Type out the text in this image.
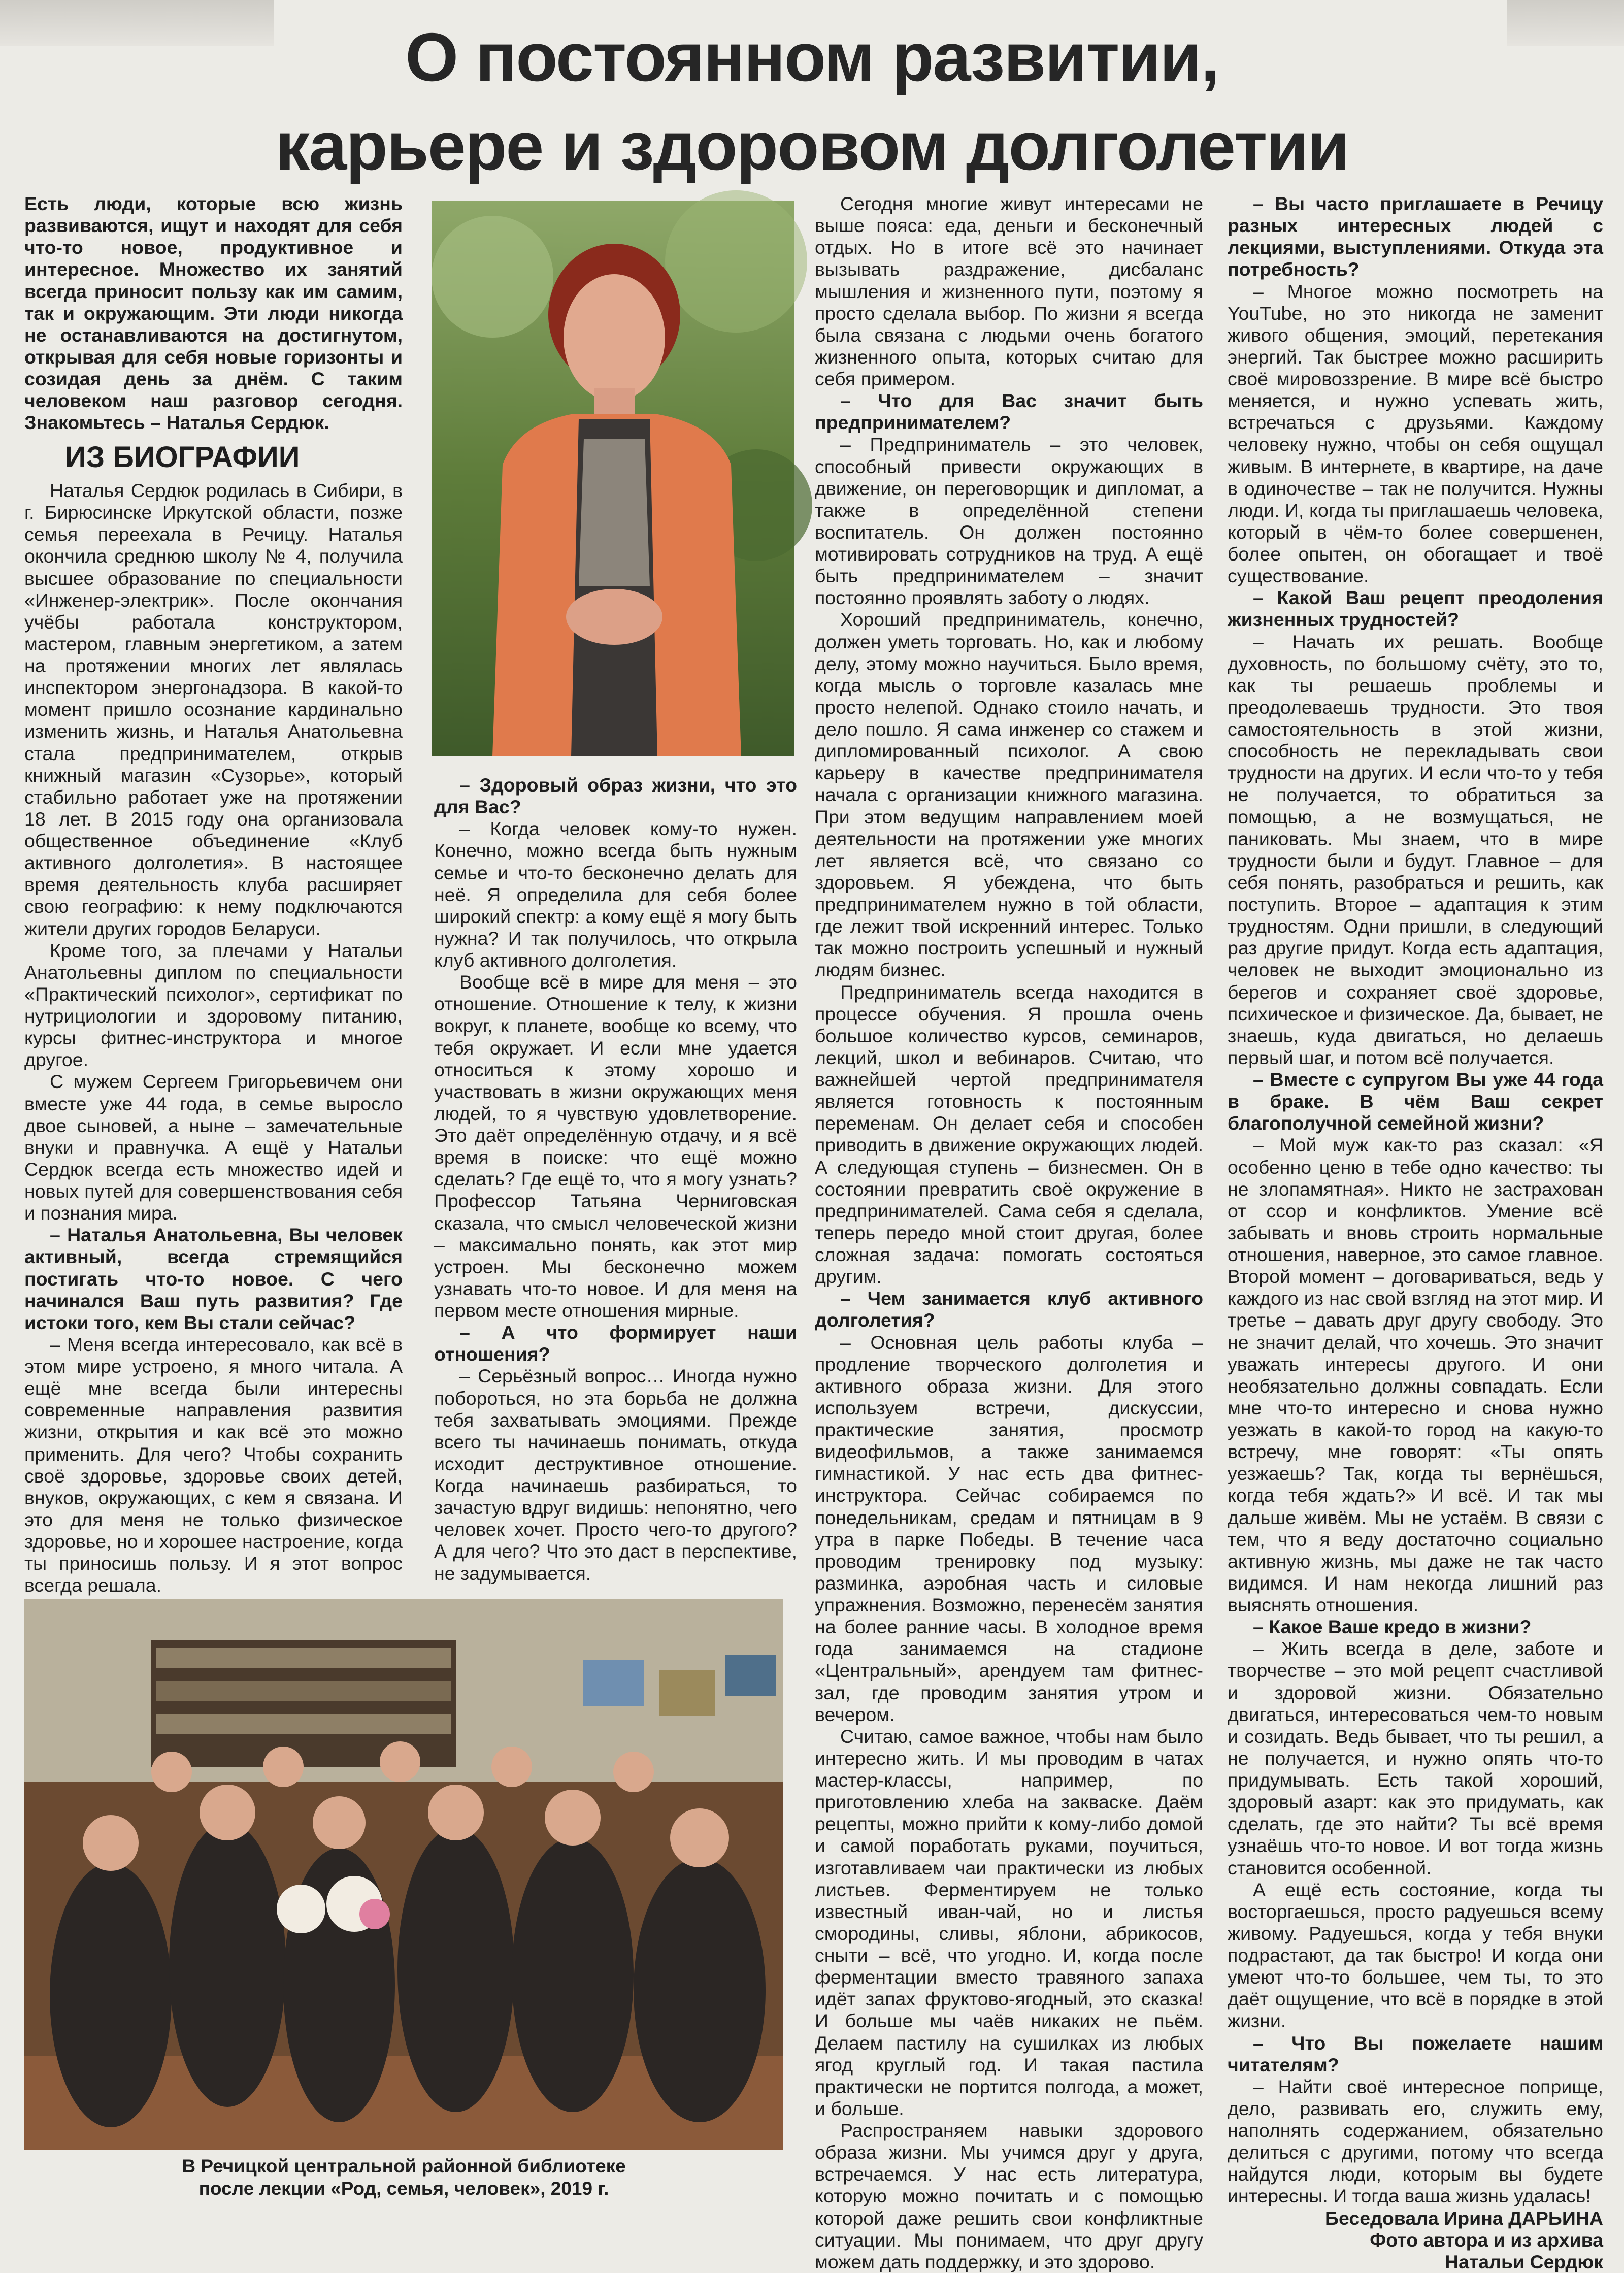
О постоянном развитии,
карьере и здоровом долголетии

Есть люди, которые всю жизнь развиваются, ищут и находят для себя что-то новое, продуктивное и интересное. Множество их занятий всегда приносит пользу как им самим, так и окружающим. Эти люди никогда не останавливаются на достигнутом, открывая для себя новые горизонты и созидая день за днём. С таким человеком наш разговор сегодня. Знакомьтесь – Наталья Сердюк.

ИЗ БИОГРАФИИ

Наталья Сердюк родилась в Сибири, в г. Бирюсинске Иркутской области, позже семья переехала в Речицу. Наталья окончила среднюю школу № 4, получила высшее образование по специальности «Инженер-электрик». После окончания учёбы работала конструктором, мастером, главным энергетиком, а затем на протяжении многих лет являлась инспектором энергонадзора. В какой-то момент пришло осознание кардинально изменить жизнь, и Наталья Анатольевна стала предпринимателем, открыв книжный магазин «Сузорье», который стабильно работает уже на протяжении 18 лет. В 2015 году она организовала общественное объединение «Клуб активного долголетия». В настоящее время деятельность клуба расширяет свою географию: к нему подключаются жители других городов Беларуси.

Кроме того, за плечами у Натальи Анатольевны диплом по специальности «Практический психолог», сертификат по нутрициологии и здоровому питанию, курсы фитнес-инструктора и многое другое.

С мужем Сергеем Григорьевичем они вместе уже 44 года, в семье выросло двое сыновей, а ныне – замечательные внуки и правнучка. А ещё у Натальи Сердюк всегда есть множество идей и новых путей для совершенствования себя и познания мира.

– Наталья Анатольевна, Вы человек активный, всегда стремящийся постигать что-то новое. С чего начинался Ваш путь развития? Где истоки того, кем Вы стали сейчас?

– Меня всегда интересовало, как всё в этом мире устроено, я много читала. А ещё мне всегда были интересны современные направления развития жизни, открытия и как всё это можно применить. Для чего? Чтобы сохранить своё здоровье, здоровье своих детей, внуков, окружающих, с кем я связана. И это для меня не только физическое здоровье, но и хорошее настроение, когда ты приносишь пользу. И я этот вопрос всегда решала.

– Здоровый образ жизни, что это для Вас?

– Когда человек кому-то нужен. Конечно, можно всегда быть нужным семье и что-то бесконечно делать для неё. Я определила для себя более широкий спектр: а кому ещё я могу быть нужна? И так получилось, что открыла клуб активного долголетия.

Вообще всё в мире для меня – это отношение. Отношение к телу, к жизни вокруг, к планете, вообще ко всему, что тебя окружает. И если мне удается относиться к этому хорошо и участвовать в жизни окружающих меня людей, то я чувствую удовлетворение. Это даёт определённую отдачу, и я всё время в поиске: что ещё можно сделать? Где ещё то, что я могу узнать? Профессор Татьяна Черниговская сказала, что смысл человеческой жизни – максимально понять, как этот мир устроен. Мы бесконечно можем узнавать что-то новое. И для меня на первом месте отношения мирные.

– А что формирует наши отношения?

– Серьёзный вопрос… Иногда нужно побороться, но эта борьба не должна тебя захватывать эмоциями. Прежде всего ты начинаешь понимать, откуда исходит деструктивное отношение. Когда начинаешь разбираться, то зачастую вдруг видишь: непонятно, чего человек хочет. Просто чего-то другого? А для чего? Что это даст в перспективе, не задумывается.

В Речицкой центральной районной библиотеке
после лекции «Род, семья, человек», 2019 г.

Сегодня многие живут интересами не выше пояса: еда, деньги и бесконечный отдых. Но в итоге всё это начинает вызывать раздражение, дисбаланс мышления и жизненного пути, поэтому я просто сделала выбор. По жизни я всегда была связана с людьми очень богатого жизненного опыта, которых считаю для себя примером.

– Что для Вас значит быть предпринимателем?

– Предприниматель – это человек, способный привести окружающих в движение, он переговорщик и дипломат, а также в определённой степени воспитатель. Он должен постоянно мотивировать сотрудников на труд. А ещё быть предпринимателем – значит постоянно проявлять заботу о людях.

Хороший предприниматель, конечно, должен уметь торговать. Но, как и любому делу, этому можно научиться. Было время, когда мысль о торговле казалась мне просто нелепой. Однако стоило начать, и дело пошло. Я сама инженер со стажем и дипломированный психолог. А свою карьеру в качестве предпринимателя начала с организации книжного магазина. При этом ведущим направлением моей деятельности на протяжении уже многих лет является всё, что связано со здоровьем. Я убеждена, что быть предпринимателем нужно в той области, где лежит твой искренний интерес. Только так можно построить успешный и нужный людям бизнес.

Предприниматель всегда находится в процессе обучения. Я прошла очень большое количество курсов, семинаров, лекций, школ и вебинаров. Считаю, что важнейшей чертой предпринимателя является готовность к постоянным переменам. Он делает себя и способен приводить в движение окружающих людей. А следующая ступень – бизнесмен. Он в состоянии превратить своё окружение в предпринимателей. Сама себя я сделала, теперь передо мной стоит другая, более сложная задача: помогать состояться другим.

– Чем занимается клуб активного долголетия?

– Основная цель работы клуба – продление творческого долголетия и активного образа жизни. Для этого используем встречи, дискуссии, практические занятия, просмотр видеофильмов, а также занимаемся гимнастикой. У нас есть два фитнес-инструктора. Сейчас собираемся по понедельникам, средам и пятницам в 9 утра в парке Победы. В течение часа проводим тренировку под музыку: разминка, аэробная часть и силовые упражнения. Возможно, перенесём занятия на более ранние часы. В холодное время года занимаемся на стадионе «Центральный», арендуем там фитнес-зал, где проводим занятия утром и вечером.

Считаю, самое важное, чтобы нам было интересно жить. И мы проводим в чатах мастер-классы, например, по приготовлению хлеба на закваске. Даём рецепты, можно прийти к кому-либо домой и самой поработать руками, поучиться, изготавливаем чаи практически из любых листьев. Ферментируем не только известный иван-чай, но и листья смородины, сливы, яблони, абрикосов, сныти – всё, что угодно. И, когда после ферментации вместо травяного запаха идёт запах фруктово-ягодный, это сказка! И больше мы чаёв никаких не пьём. Делаем пастилу на сушилках из любых ягод круглый год. И такая пастила практически не портится полгода, а может, и больше.

Распространяем навыки здорового образа жизни. Мы учимся друг у друга, встречаемся. У нас есть литература, которую можно почитать и с помощью которой даже решить свои конфликтные ситуации. Мы понимаем, что друг другу можем дать поддержку, и это здорово.

– Вы часто приглашаете в Речицу разных интересных людей с лекциями, выступлениями. Откуда эта потребность?

– Многое можно посмотреть на YouTube, но это никогда не заменит живого общения, эмоций, перетекания энергий. Так быстрее можно расширить своё мировоззрение. В мире всё быстро меняется, и нужно успевать жить, встречаться с друзьями. Каждому человеку нужно, чтобы он себя ощущал живым. В интернете, в квартире, на даче в одиночестве – так не получится. Нужны люди. И, когда ты приглашаешь человека, который в чём-то более совершенен, более опытен, он обогащает и твоё существование.

– Какой Ваш рецепт преодоления жизненных трудностей?

– Начать их решать. Вообще духовность, по большому счёту, это то, как ты решаешь проблемы и преодолеваешь трудности. Это твоя самостоятельность в этой жизни, способность не перекладывать свои трудности на других. И если что-то у тебя не получается, то обратиться за помощью, а не возмущаться, не паниковать. Мы знаем, что в мире трудности были и будут. Главное – для себя понять, разобраться и решить, как поступить. Второе – адаптация к этим трудностям. Одни пришли, в следующий раз другие придут. Когда есть адаптация, человек не выходит эмоционально из берегов и сохраняет своё здоровье, психическое и физическое. Да, бывает, не знаешь, куда двигаться, но делаешь первый шаг, и потом всё получается.

– Вместе с супругом Вы уже 44 года в браке. В чём Ваш секрет благополучной семейной жизни?

– Мой муж как-то раз сказал: «Я особенно ценю в тебе одно качество: ты не злопамятная». Никто не застрахован от ссор и конфликтов. Умение всё забывать и вновь строить нормальные отношения, наверное, это самое главное. Второй момент – договариваться, ведь у каждого из нас свой взгляд на этот мир. И третье – давать друг другу свободу. Это не значит делай, что хочешь. Это значит уважать интересы другого. И они необязательно должны совпадать. Если мне что-то интересно и снова нужно уезжать в какой-то город на какую-то встречу, мне говорят: «Ты опять уезжаешь? Так, когда ты вернёшься, когда тебя ждать?» И всё. И так мы дальше живём. Мы не устаём. В связи с тем, что я веду достаточно социально активную жизнь, мы даже не так часто видимся. И нам некогда лишний раз выяснять отношения.

– Какое Ваше кредо в жизни?

– Жить всегда в деле, заботе и творчестве – это мой рецепт счастливой и здоровой жизни. Обязательно двигаться, интересоваться чем-то новым и созидать. Ведь бывает, что ты решил, а не получается, и нужно опять что-то придумывать. Есть такой хороший, здоровый азарт: как это придумать, как сделать, где это найти? Ты всё время узнаёшь что-то новое. И вот тогда жизнь становится особенной.

А ещё есть состояние, когда ты восторгаешься, просто радуешься всему живому. Радуешься, когда у тебя внуки подрастают, да так быстро! И когда они умеют что-то большее, чем ты, то это даёт ощущение, что всё в порядке в этой жизни.

– Что Вы пожелаете нашим читателям?

– Найти своё интересное поприще, дело, развивать его, служить ему, наполнять содержанием, обязательно делиться с другими, потому что всегда найдутся люди, которым вы будете интересны. И тогда ваша жизнь удалась!

Беседовала Ирина ДАРЬИНА

Фото автора и из архива

Натальи Сердюк
